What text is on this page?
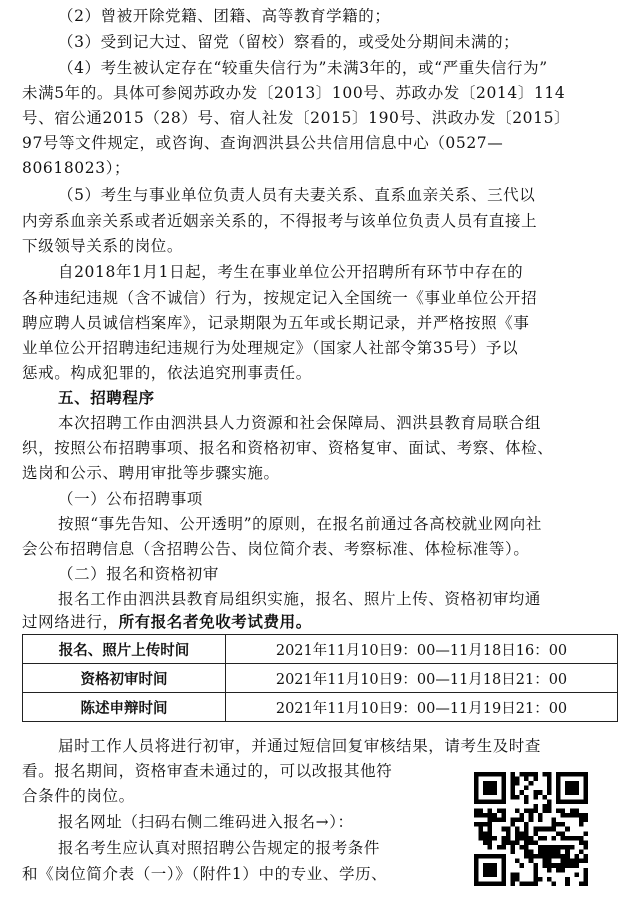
（2）曾被开除党籍、团籍、高等教育学籍的；
（3）受到记大过、留党（留校）察看的，或受处分期间未满的；
（4）考生被认定存在“较重失信行为”未满3年的，或“严重失信行为”
未满5年的。具体可参阅苏政办发〔2013〕100号、苏政办发〔2014〕114
号、宿公通2015（28）号、宿人社发〔2015〕190号、洪政办发〔2015〕
97号等文件规定，或咨询、查询泗洪县公共信用信息中心（0527—
80618023）；
（5）考生与事业单位负责人员有夫妻关系、直系血亲关系、三代以
内旁系血亲关系或者近姻亲关系的，不得报考与该单位负责人员有直接上
下级领导关系的岗位。
自2018年1月1日起，考生在事业单位公开招聘所有环节中存在的
各种违纪违规（含不诚信）行为，按规定记入全国统一《事业单位公开招
聘应聘人员诚信档案库》，记录期限为五年或长期记录，并严格按照《事
业单位公开招聘违纪违规行为处理规定》（国家人社部令第35号）予以
惩戒。构成犯罪的，依法追究刑事责任。
五、招聘程序
本次招聘工作由泗洪县人力资源和社会保障局、泗洪县教育局联合组
织，按照公布招聘事项、报名和资格初审、资格复审、面试、考察、体检、
选岗和公示、聘用审批等步骤实施。
（一）公布招聘事项
按照“事先告知、公开透明”的原则，在报名前通过各高校就业网向社
会公布招聘信息（含招聘公告、岗位简介表、考察标准、体检标准等）。
（二）报名和资格初审
报名工作由泗洪县教育局组织实施，报名、照片上传、资格初审均通
过网络进行，所有报名者免收考试费用。
报名、照片上传时间	2021年11月10日9：00—11月18日16：00
资格初审时间	2021年11月10日9：00—11月18日21：00
陈述申辩时间	2021年11月10日9：00—11月19日21：00
届时工作人员将进行初审，并通过短信回复审核结果，请考生及时查
看。报名期间，资格审查未通过的，可以改报其他符
合条件的岗位。
报名网址（扫码右侧二维码进入报名→）：
报名考生应认真对照招聘公告规定的报考条件
和《岗位简介表（一）》（附件1）中的专业、学历、
